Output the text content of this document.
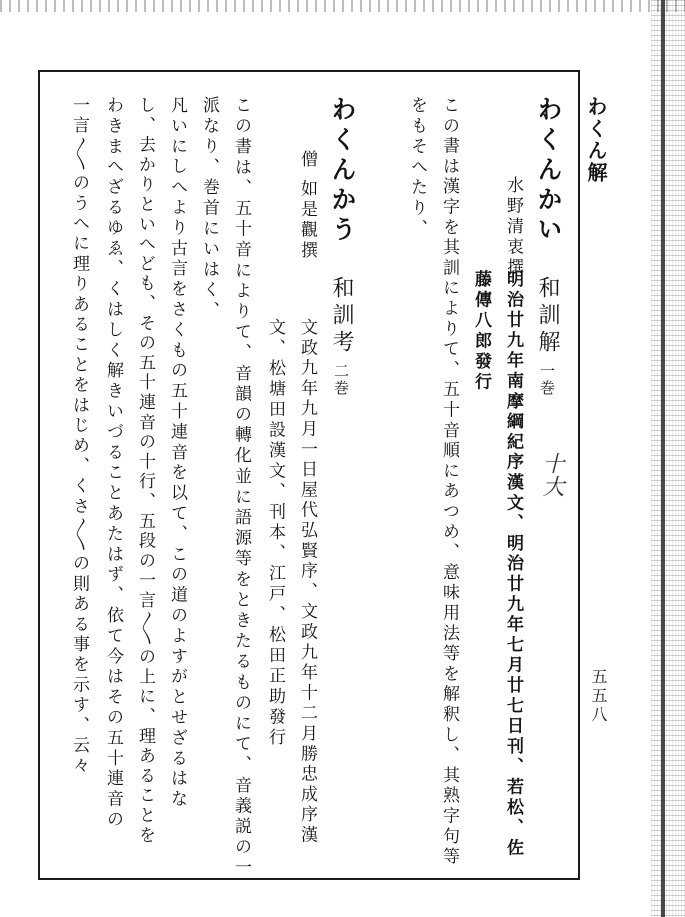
わくん解
五五八
わくんかい
水野清衷撰
和訓解一巻
明治廿九年南摩綱紀序漢文、明治廿九年七月廿七日刊、若松、佐
藤傳八郎發行
この書は漢字を其訓によりて、五十音順にあつめ、意味用法等を解釈し、其熟字句等
をもそへたり、
十大
わくんかう
僧 如是觀撰
和訓考二巻
文政九年九月一日屋代弘賢序、文政九年十二月勝忠成序漢
文、松塘田設漢文、刊本、江戸、松田正助發行
この書は、五十音によりて、音韻の轉化並に語源等をときたるものにて、音義説の一
派なり、巻首にいはく、
凡いにしへより古言をさくもの五十連音を以て、この道のよすがとせざるはな
し、去かりといへども、その五十連音の十行、五段の一言〳〵の上に、理あることを
わきまへざるゆゑ、くはしく解きいづることあたはず、依て今はその五十連音の
一言〳〵のうへに理りあることをはじめ、くさ〳〵の則ある事を示す、云々
